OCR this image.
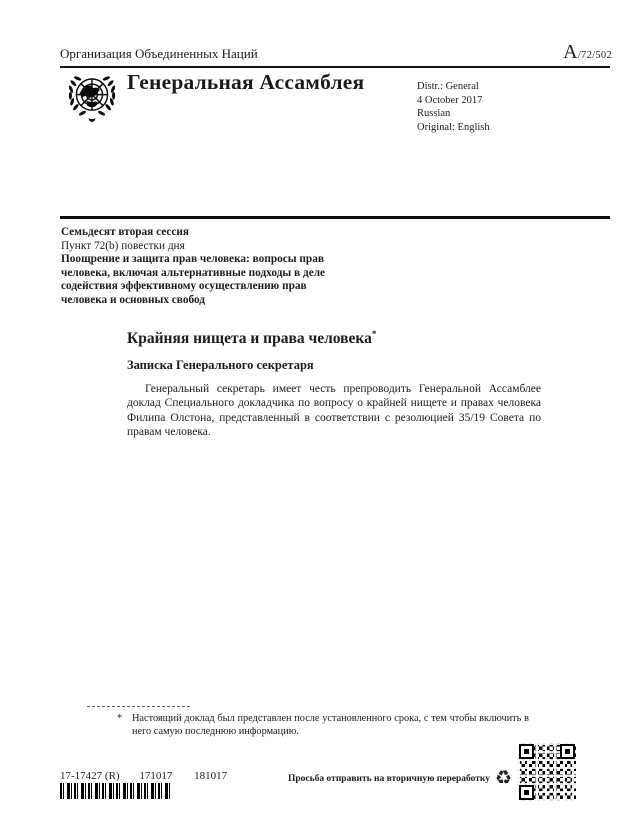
Организация Объединенных Наций	A/72/502
Генеральная Ассамблея	Distr.: General
4 October 2017
Russian
Original: English
Семьдесят вторая сессия
Пункт 72(b) повестки дня
Поощрение и защита прав человека: вопросы прав человека, включая альтернативные подходы в деле содействия эффективному осуществлению прав человека и основных свобод
Крайняя нищета и права человека*
Записка Генерального секретаря
Генеральный секретарь имеет честь препроводить Генеральной Ассамблее доклад Специального докладчика по вопросу о крайней нищете и правах человека Филипа Олстона, представленный в соответствии с резолюцией 35/19 Совета по правам человека.
* Настоящий доклад был представлен после установленного срока, с тем чтобы включить в него самую последнюю информацию.
17-17427 (R) 171017 181017	Просьба отправить на вторичную переработку ♻
